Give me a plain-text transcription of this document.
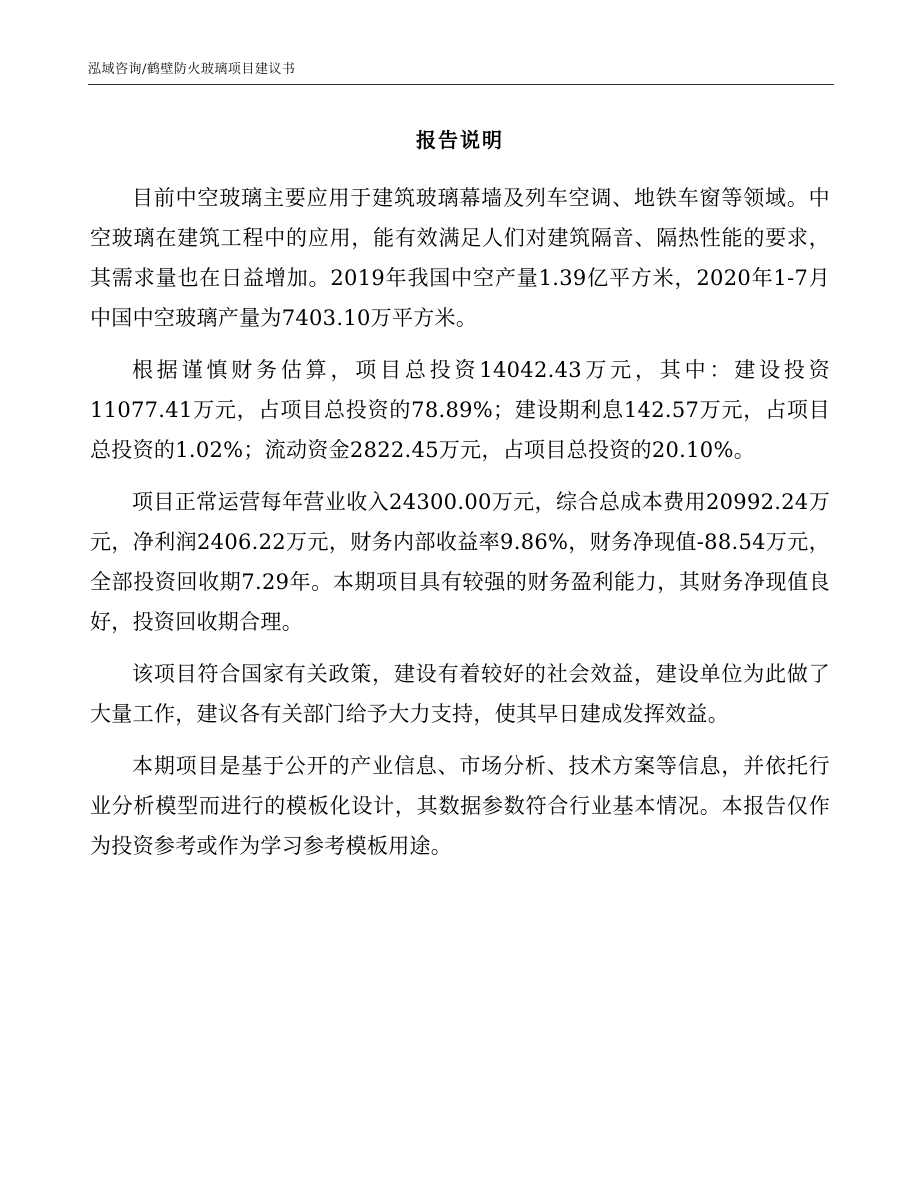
泓域咨询/鹤壁防火玻璃项目建议书
报告说明

目前中空玻璃主要应用于建筑玻璃幕墙及列车空调、地铁车窗等领域。中空玻璃在建筑工程中的应用，能有效满足人们对建筑隔音、隔热性能的要求，其需求量也在日益增加。2019年我国中空产量1.39亿平方米，2020年1-7月中国中空玻璃产量为7403.10万平方米。

根据谨慎财务估算，项目总投资14042.43万元，其中：建设投资11077.41万元，占项目总投资的78.89%；建设期利息142.57万元，占项目总投资的1.02%；流动资金2822.45万元，占项目总投资的20.10%。

项目正常运营每年营业收入24300.00万元，综合总成本费用20992.24万元，净利润2406.22万元，财务内部收益率9.86%，财务净现值-88.54万元，全部投资回收期7.29年。本期项目具有较强的财务盈利能力，其财务净现值良好，投资回收期合理。

该项目符合国家有关政策，建设有着较好的社会效益，建设单位为此做了大量工作，建议各有关部门给予大力支持，使其早日建成发挥效益。

本期项目是基于公开的产业信息、市场分析、技术方案等信息，并依托行业分析模型而进行的模板化设计，其数据参数符合行业基本情况。本报告仅作为投资参考或作为学习参考模板用途。
